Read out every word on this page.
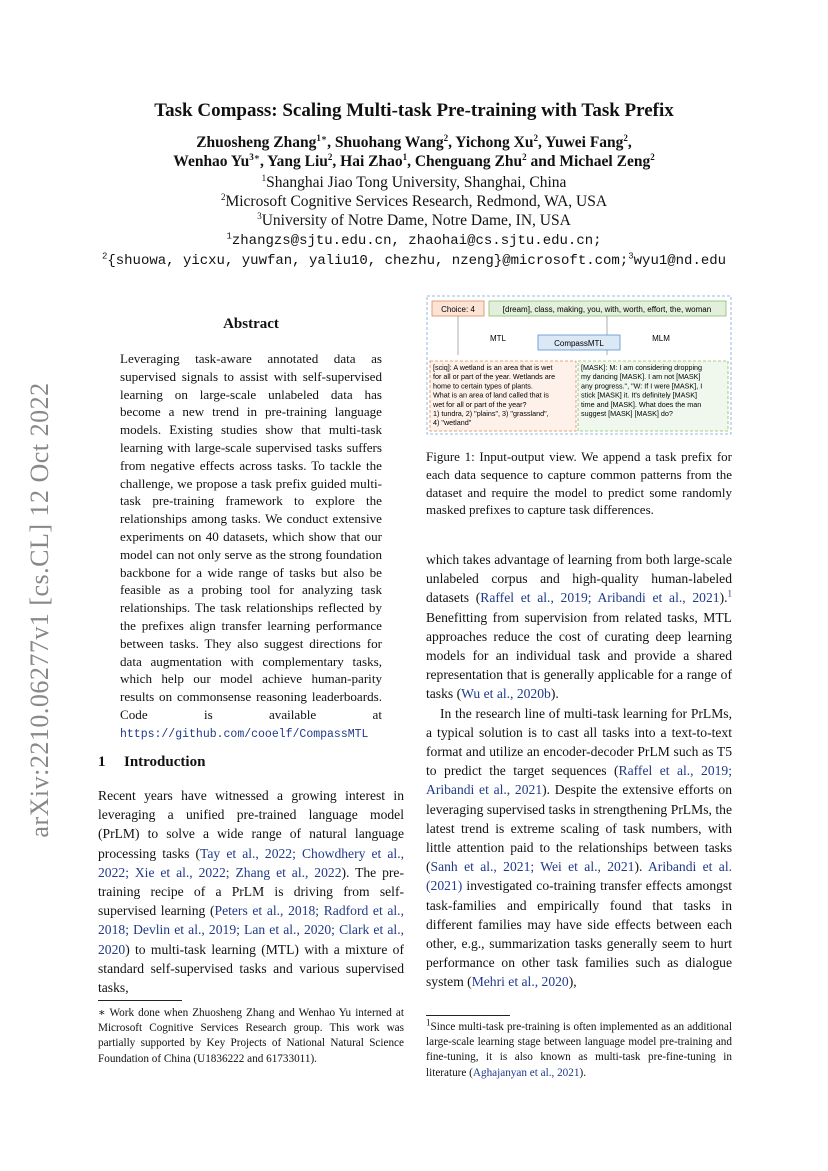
Task Compass: Scaling Multi-task Pre-training with Task Prefix
Zhuosheng Zhang$^{1∗}$, Shuohang Wang$^2$, Yichong Xu$^2$, Yuwei Fang$^2$,
Wenhao $Yu^{3∗}$, Yang Liu$^2$, Hai Zhao$^1$, Chenguang Zhu$^2$ and Michael Zeng$^2$
$^1$Shanghai Jiao Tong University, Shanghai, China
$^2$Microsoft Cognitive Services Research, Redmond, WA, USA
$^3$University of Notre Dame, Notre Dame, IN, USA
$^1$zhangzs@sjtu.edu.cn, zhaohai@cs.sjtu.edu.cn;
$^2${shuowa, yicxu, yuwfan, yaliu10, chezhu, nzeng}@microsoft.com;$^3$wyu1@nd.edu
arXiv:2210.06277v1 [cs.CL] 12 Oct 2022
Abstract
Leveraging task-aware annotated data as supervised signals to assist with self-supervised learning on large-scale unlabeled data has become a new trend in pre-training language models. Existing studies show that multi-task learning with large-scale supervised tasks suffers from negative effects across tasks. To tackle the challenge, we propose a task prefix guided multi-task pre-training framework to explore the relationships among tasks. We conduct extensive experiments on 40 datasets, which show that our model can not only serve as the strong foundation backbone for a wide range of tasks but also be feasible as a probing tool for analyzing task relationships. The task relationships reflected by the prefixes align transfer learning performance between tasks. They also suggest directions for data augmentation with complementary tasks, which help our model achieve human-parity results on commonsense reasoning leaderboards. Code is available at https://github.com/cooelf/CompassMTL
1 Introduction

Recent years have witnessed a growing interest in leveraging a unified pre-trained language model (PrLM) to solve a wide range of natural language processing tasks (Tay et al., 2022; Chowdhery et al., 2022; Xie et al., 2022; Zhang et al., 2022). The pre-training recipe of a PrLM is driving from self-supervised learning (Peters et al., 2018; Radford et al., 2018; Devlin et al., 2019; Lan et al., 2020; Clark et al., 2020) to multi-task learning (MTL) with a mixture of standard self-supervised tasks and various supervised tasks,

∗ Work done when Zhuosheng Zhang and Wenhao Yu interned at Microsoft Cognitive Services Research group. This work was partially supported by Key Projects of National Natural Science Foundation of China (U1836222 and 61733011).
Choice: 4	[dream], class, making, you, with, worth, effort, the, woman
MTL	MLM
CompassMTL
[sciq]: A wetland is an area that is wet
for all or part of the year. Wetlands are
home to certain types of plants.
What is an area of land called that is
wet for all or part of the year?
1) tundra, 2) "plains", 3) "grassland",
4) "wetland"
[MASK]: M: I am considering dropping
my dancing [MASK]. I am not [MASK]
any progress.", "W: If I were [MASK], I
stick [MASK] it. It's definitely [MASK]
time and [MASK]. What does the man
suggest [MASK] [MASK] do?
Figure 1: Input-output view. We append a task prefix for each data sequence to capture common patterns from the dataset and require the model to predict some randomly masked prefixes to capture task differences.

which takes advantage of learning from both large-scale unlabeled corpus and high-quality human-labeled datasets (Raffel et al., 2019; Aribandi et al., 2021).$^1$ Benefitting from supervision from related tasks, MTL approaches reduce the cost of curating deep learning models for an individual task and provide a shared representation that is generally applicable for a range of tasks (Wu et al., 2020b).

In the research line of multi-task learning for PrLMs, a typical solution is to cast all tasks into a text-to-text format and utilize an encoder-decoder PrLM such as T5 to predict the target sequences (Raffel et al., 2019; Aribandi et al., 2021). Despite the extensive efforts on leveraging supervised tasks in strengthening PrLMs, the latest trend is extreme scaling of task numbers, with little attention paid to the relationships between tasks (Sanh et al., 2021; Wei et al., 2021). Aribandi et al. (2021) investigated co-training transfer effects amongst task-families and empirically found that tasks in different families may have side effects between each other, e.g., summarization tasks generally seem to hurt performance on other task families such as dialogue system (Mehri et al., 2020),

$^1$Since multi-task pre-training is often implemented as an additional large-scale learning stage between language model pre-training and fine-tuning, it is also known as multi-task pre-fine-tuning in literature (Aghajanyan et al., 2021).
